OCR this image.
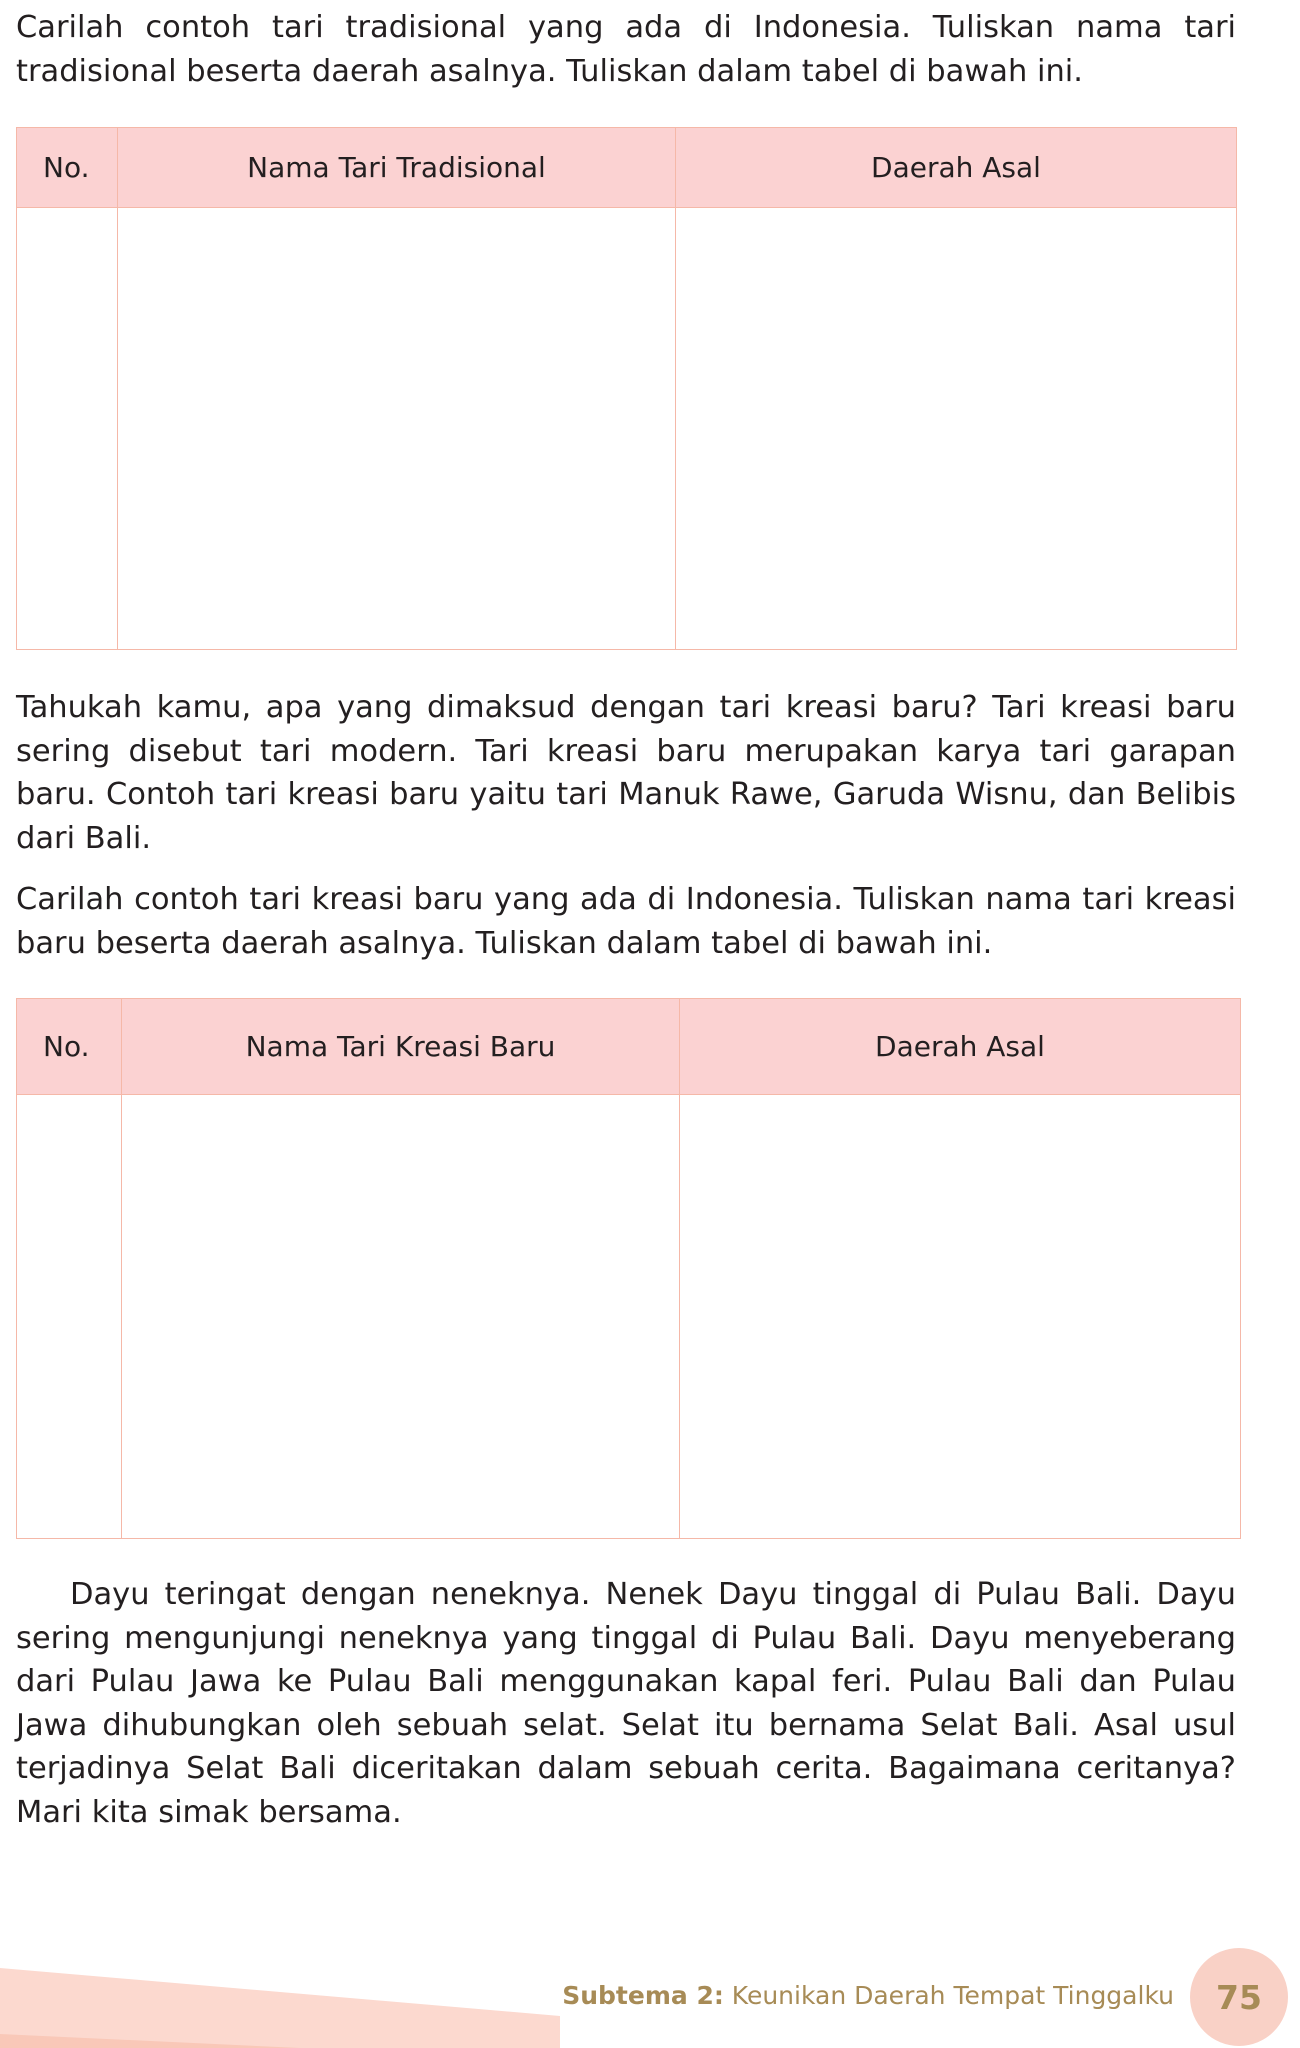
Carilah contoh tari tradisional yang ada di Indonesia. Tuliskan nama tari tradisional beserta daerah asalnya. Tuliskan dalam tabel di bawah ini.

No.	Nama Tari Tradisional	Daerah Asal

Tahukah kamu, apa yang dimaksud dengan tari kreasi baru? Tari kreasi baru sering disebut tari modern. Tari kreasi baru merupakan karya tari garapan baru. Contoh tari kreasi baru yaitu tari Manuk Rawe, Garuda Wisnu, dan Belibis dari Bali.

Carilah contoh tari kreasi baru yang ada di Indonesia. Tuliskan nama tari kreasi baru beserta daerah asalnya. Tuliskan dalam tabel di bawah ini.

No.	Nama Tari Kreasi Baru	Daerah Asal

Dayu teringat dengan neneknya. Nenek Dayu tinggal di Pulau Bali. Dayu sering mengunjungi neneknya yang tinggal di Pulau Bali. Dayu menyeberang dari Pulau Jawa ke Pulau Bali menggunakan kapal feri. Pulau Bali dan Pulau Jawa dihubungkan oleh sebuah selat. Selat itu bernama Selat Bali. Asal usul terjadinya Selat Bali diceritakan dalam sebuah cerita. Bagaimana ceritanya? Mari kita simak bersama.

Subtema 2: Keunikan Daerah Tempat Tinggalku	75
